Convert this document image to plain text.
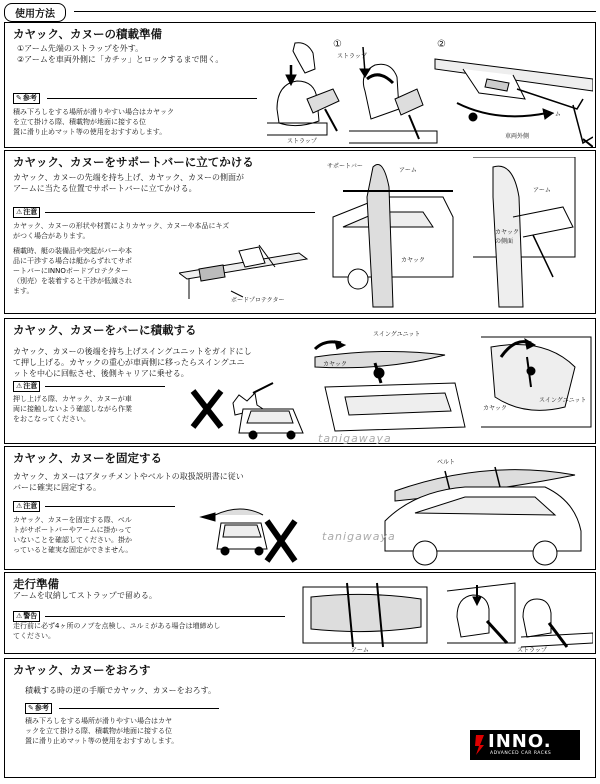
使用方法
カヤック、カヌーの積載準備
①アーム先端のストラップを外す。
②アームを車両外側に「カチッ」とロックするまで開く。
✎参考
積み下ろしをする場所が滑りやすい場合はカヤック
を立て掛ける際、積載物が地面に接する位
置に滑り止めマット等の使用をおすすめします。
①	②
ストラップ
ストラップ
アーム
車両外側
カヤック、カヌーをサポートバーに立てかける
カヤック、カヌーの先端を持ち上げ、カヤック、カヌーの側面が
アームに当たる位置でサポートバーに立てかける。
⚠注意
カヤック、カヌーの形状や材質によりカヤック、カヌーや本品にキズ
がつく場合があります。
積載時、艇の装備品や突起がバーや本
品に干渉する場合は艇からずれてサポ
ートバーにINNOボードプロテクター
（別売）を装着すると干渉が低減され
ます。
ボードプロテクター
サポートバー
アーム
カヤック
アーム
カヤック
の側面
カヤック、カヌーをバーに積載する
カヤック、カヌーの後端を持ち上げスイングユニットをガイドにし
て押し上げる。カヤックの重心が車両側に移ったらスイングユニ
ットを中心に回転させ、後側キャリアに乗せる。
⚠注意
押し上げる際、カヤック、カヌーが車
両に接触しないよう確認しながら作業
をおこなってください。
スイングユニット
カヤック
カヤック
スイングユニット
tanigawaya
カヤック、カヌーを固定する
カヤック、カヌーはアタッチメントやベルトの取扱説明書に従い
バーに確実に固定する。
⚠注意
カヤック、カヌーを固定する際、ベル
トがサポートバーやアームに掛かって
いないことを確認してください。掛か
っていると確実な固定ができません。
ベルト
tanigawaya
走行準備
アームを収納してストラップで留める。
⚠警告
走行前に必ず4ヶ所のノブを点検し、ユルミがある場合は増締めし
てください。
アーム	ストラップ
カヤック、カヌーをおろす
積載する時の逆の手順でカヤック、カヌーをおろす。
✎参考
積み下ろしをする場所が滑りやすい場合はカヤ
ックを立て掛ける際、積載物が地面に接する位
置に滑り止めマット等の使用をおすすめします。	INNO.
ADVANCED CAR RACKS
